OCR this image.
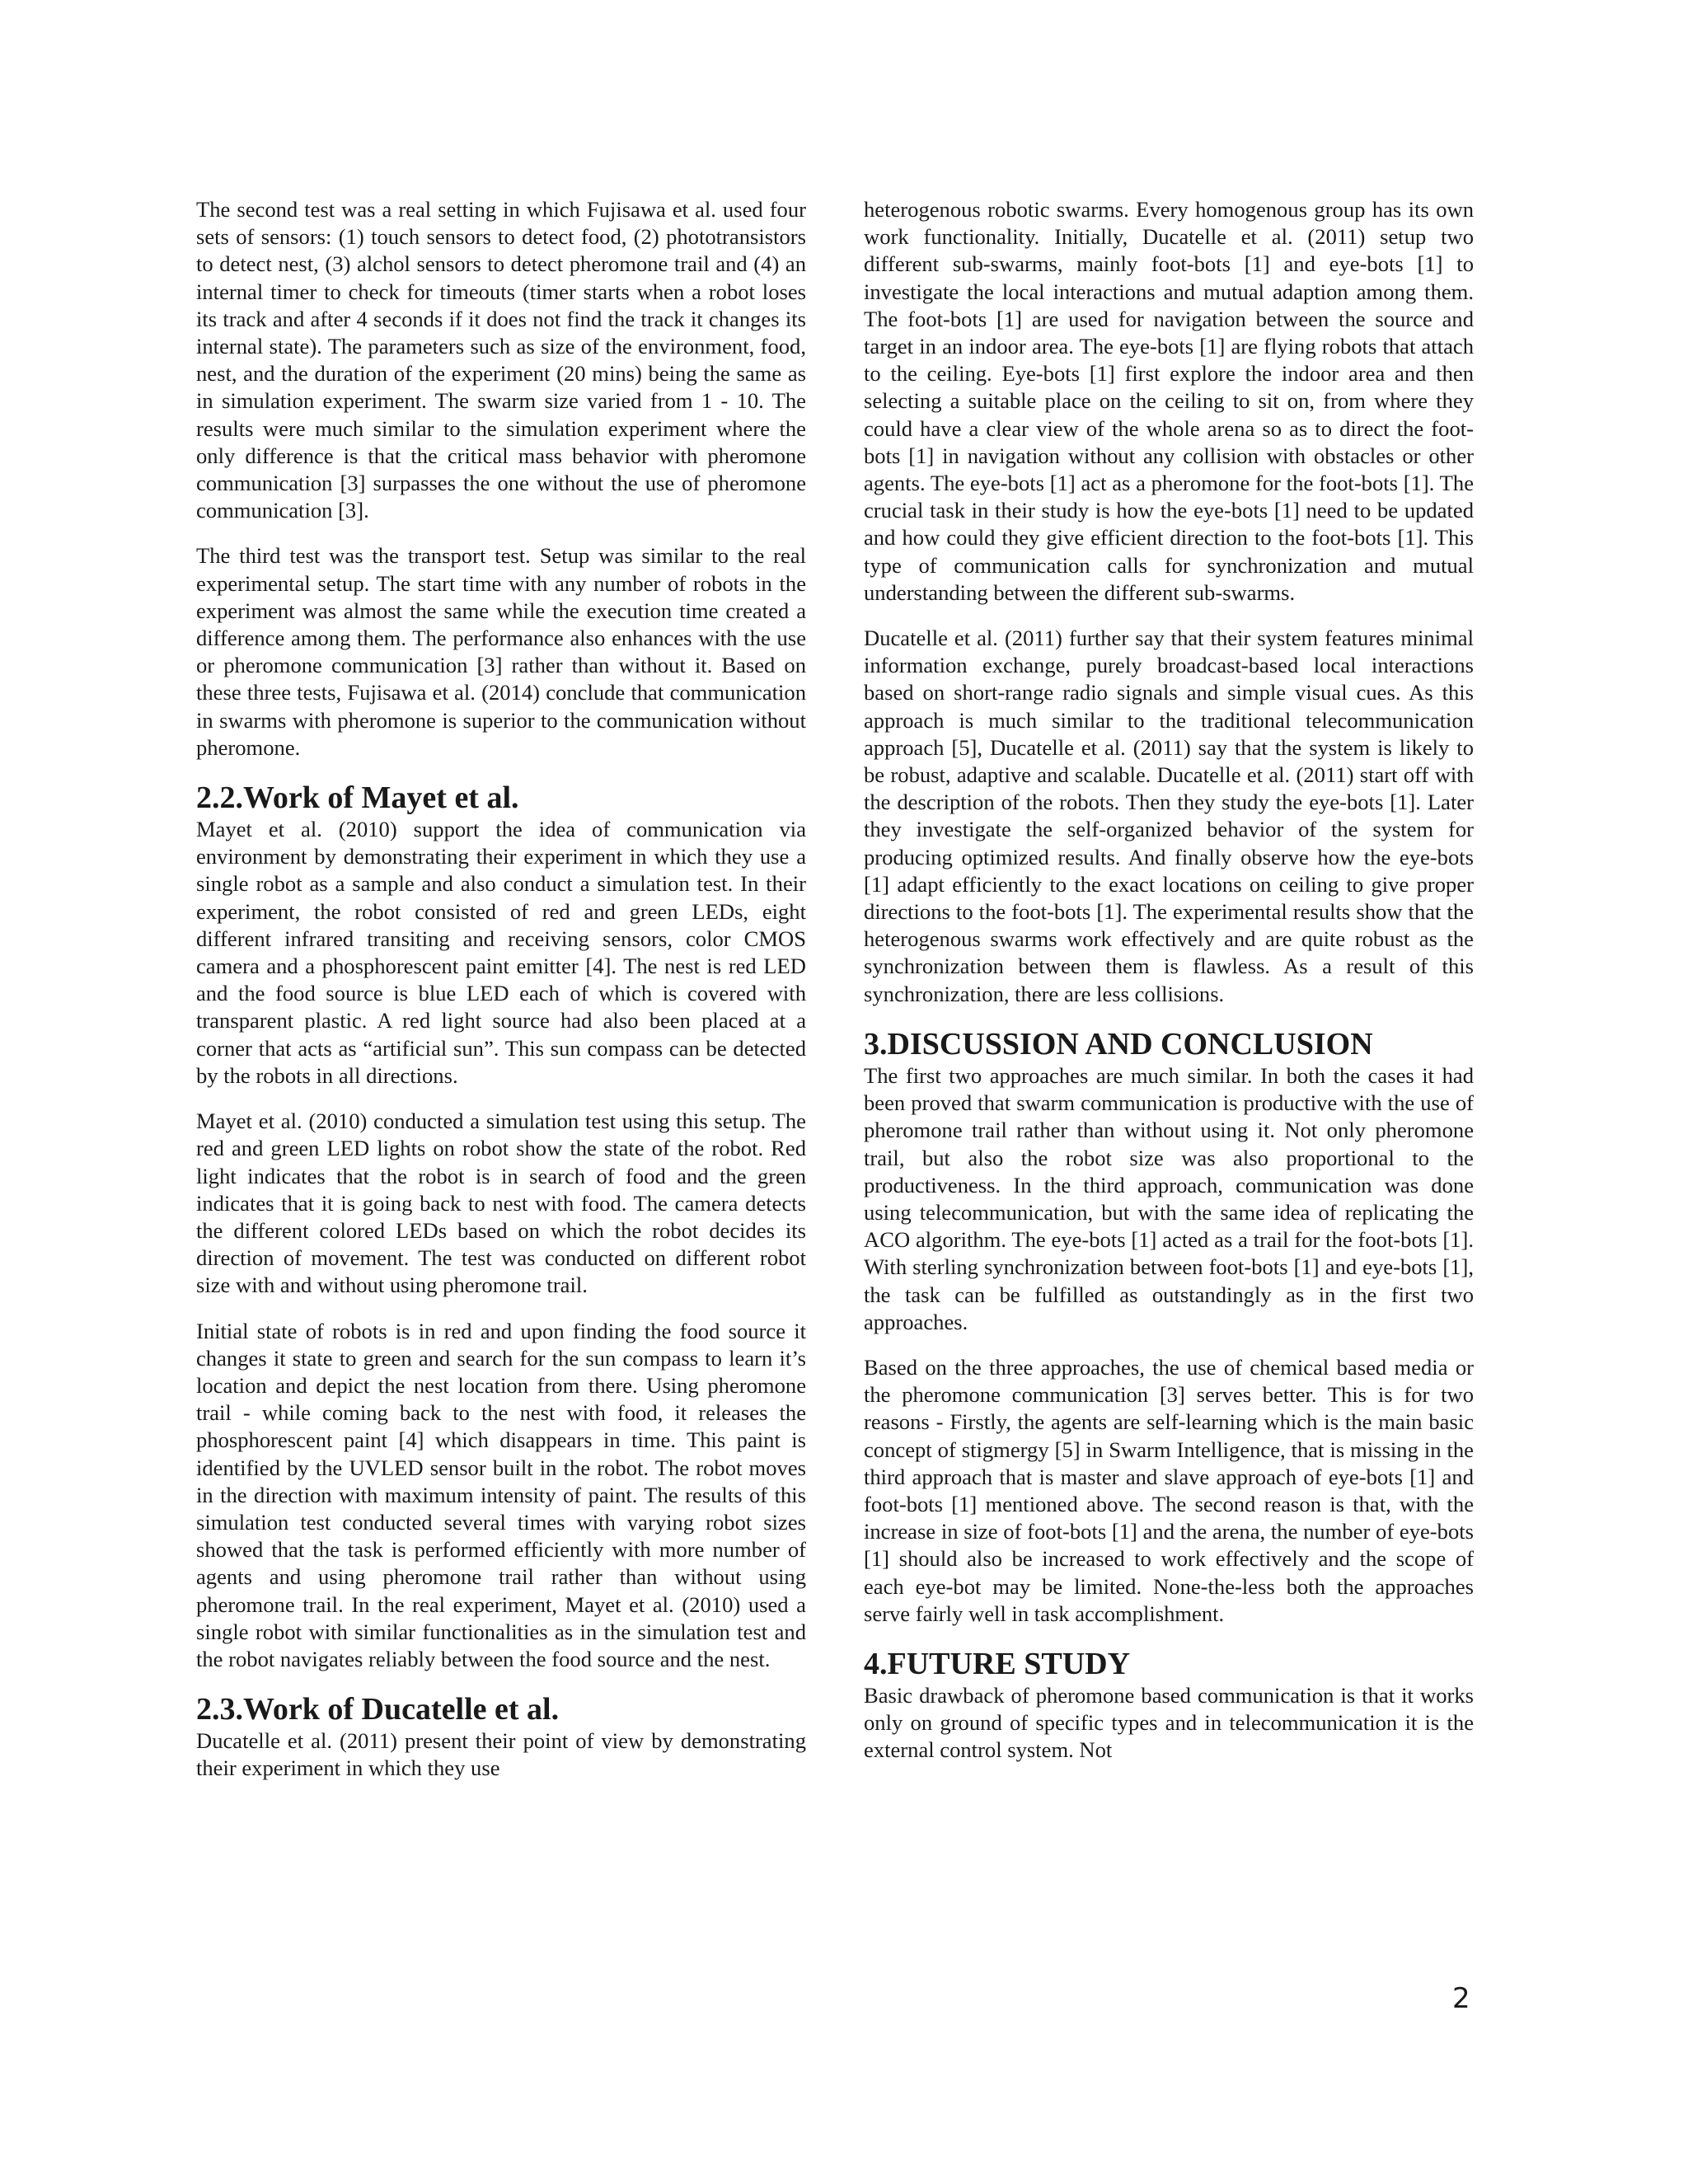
The second test was a real setting in which Fujisawa et al. used four sets of sensors: (1) touch sensors to detect food, (2) phototransistors to detect nest, (3) alchol sensors to detect pheromone trail and (4) an internal timer to check for timeouts (timer starts when a robot loses its track and after 4 seconds if it does not find the track it changes its internal state). The parameters such as size of the environment, food, nest, and the duration of the experiment (20 mins) being the same as in simulation experiment. The swarm size varied from 1 - 10. The results were much similar to the simulation experiment where the only difference is that the critical mass behavior with pheromone communication [3] surpasses the one without the use of pheromone communication [3].

The third test was the transport test. Setup was similar to the real experimental setup. The start time with any number of robots in the experiment was almost the same while the execution time created a difference among them. The performance also enhances with the use or pheromone communication [3] rather than without it. Based on these three tests, Fujisawa et al. (2014) conclude that communication in swarms with pheromone is superior to the communication without pheromone.

2.2.Work of Mayet et al.

Mayet et al. (2010) support the idea of communication via environment by demonstrating their experiment in which they use a single robot as a sample and also conduct a simulation test. In their experiment, the robot consisted of red and green LEDs, eight different infrared transiting and receiving sensors, color CMOS camera and a phosphorescent paint emitter [4]. The nest is red LED and the food source is blue LED each of which is covered with transparent plastic. A red light source had also been placed at a corner that acts as “artificial sun”. This sun compass can be detected by the robots in all directions.

Mayet et al. (2010) conducted a simulation test using this setup. The red and green LED lights on robot show the state of the robot. Red light indicates that the robot is in search of food and the green indicates that it is going back to nest with food. The camera detects the different colored LEDs based on which the robot decides its direction of movement. The test was conducted on different robot size with and without using pheromone trail.

Initial state of robots is in red and upon finding the food source it changes it state to green and search for the sun compass to learn it’s location and depict the nest location from there. Using pheromone trail - while coming back to the nest with food, it releases the phosphorescent paint [4] which disappears in time. This paint is identified by the UVLED sensor built in the robot. The robot moves in the direction with maximum intensity of paint. The results of this simulation test conducted several times with varying robot sizes showed that the task is performed efficiently with more number of agents and using pheromone trail rather than without using pheromone trail. In the real experiment, Mayet et al. (2010) used a single robot with similar functionalities as in the simulation test and the robot navigates reliably between the food source and the nest.

2.3.Work of Ducatelle et al.

Ducatelle et al. (2011) present their point of view by demonstrating their experiment in which they use

heterogenous robotic swarms. Every homogenous group has its own work functionality. Initially, Ducatelle et al. (2011) setup two different sub-swarms, mainly foot-bots [1] and eye-bots [1] to investigate the local interactions and mutual adaption among them. The foot-bots [1] are used for navigation between the source and target in an indoor area. The eye-bots [1] are flying robots that attach to the ceiling. Eye-bots [1] first explore the indoor area and then selecting a suitable place on the ceiling to sit on, from where they could have a clear view of the whole arena so as to direct the foot-bots [1] in navigation without any collision with obstacles or other agents. The eye-bots [1] act as a pheromone for the foot-bots [1]. The crucial task in their study is how the eye-bots [1] need to be updated and how could they give efficient direction to the foot-bots [1]. This type of communication calls for synchronization and mutual understanding between the different sub-swarms.

Ducatelle et al. (2011) further say that their system features minimal information exchange, purely broadcast-based local interactions based on short-range radio signals and simple visual cues. As this approach is much similar to the traditional telecommunication approach [5], Ducatelle et al. (2011) say that the system is likely to be robust, adaptive and scalable. Ducatelle et al. (2011) start off with the description of the robots. Then they study the eye-bots [1]. Later they investigate the self-organized behavior of the system for producing optimized results. And finally observe how the eye-bots [1] adapt efficiently to the exact locations on ceiling to give proper directions to the foot-bots [1]. The experimental results show that the heterogenous swarms work effectively and are quite robust as the synchronization between them is flawless. As a result of this synchronization, there are less collisions.

3.DISCUSSION AND CONCLUSION

The first two approaches are much similar. In both the cases it had been proved that swarm communication is productive with the use of pheromone trail rather than without using it. Not only pheromone trail, but also the robot size was also proportional to the productiveness. In the third approach, communication was done using telecommunication, but with the same idea of replicating the ACO algorithm. The eye-bots [1] acted as a trail for the foot-bots [1]. With sterling synchronization between foot-bots [1] and eye-bots [1], the task can be fulfilled as outstandingly as in the first two approaches.

Based on the three approaches, the use of chemical based media or the pheromone communication [3] serves better. This is for two reasons - Firstly, the agents are self-learning which is the main basic concept of stigmergy [5] in Swarm Intelligence, that is missing in the third approach that is master and slave approach of eye-bots [1] and foot-bots [1] mentioned above. The second reason is that, with the increase in size of foot-bots [1] and the arena, the number of eye-bots [1] should also be increased to work effectively and the scope of each eye-bot may be limited. None-the-less both the approaches serve fairly well in task accomplishment.

4.FUTURE STUDY

Basic drawback of pheromone based communication is that it works only on ground of specific types and in telecommunication it is the external control system. Not

2
